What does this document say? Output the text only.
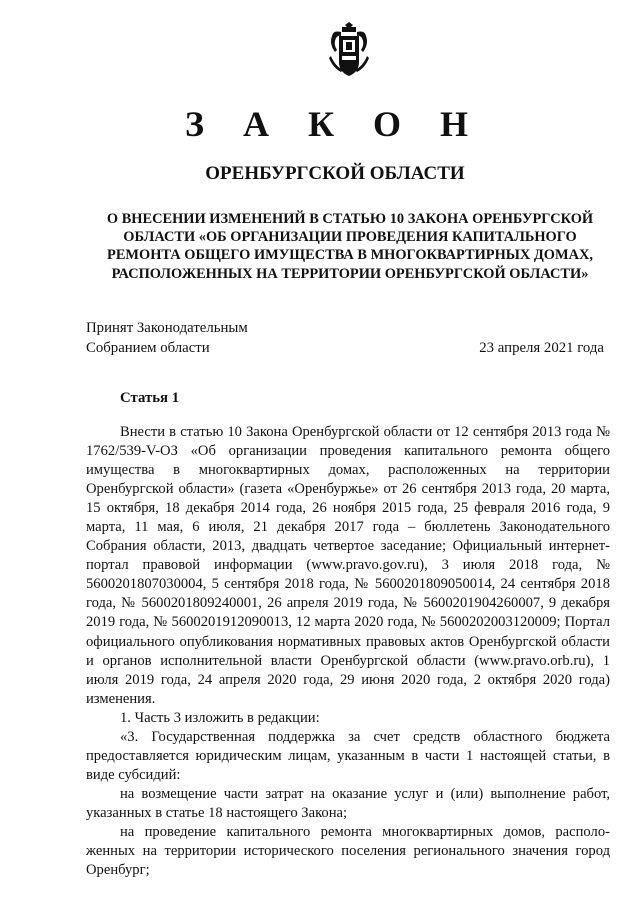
З А К О Н
ОРЕНБУРГСКОЙ ОБЛАСТИ
О ВНЕСЕНИИ ИЗМЕНЕНИЙ В СТАТЬЮ 10 ЗАКОНА ОРЕНБУРГСКОЙ ОБЛАСТИ «ОБ ОРГАНИЗАЦИИ ПРОВЕДЕНИЯ КАПИТАЛЬНОГО РЕМОНТА ОБЩЕГО ИМУЩЕСТВА В МНОГОКВАРТИРНЫХ ДОМАХ, РАСПОЛОЖЕННЫХ НА ТЕРРИТОРИИ ОРЕНБУРГСКОЙ ОБЛАСТИ»
Принят Законодательным
Собранием области	23 апреля 2021 года
Статья 1

Внести в статью 10 Закона Оренбургской области от 12 сентября 2013 года № 1762/539-V-ОЗ «Об организации проведения капитального ремонта общего имущества в многоквартирных домах, расположенных на территории Оренбургской области» (газета «Оренбуржье» от 26 сентября 2013 года, 20 марта, 15 октября, 18 декабря 2014 года, 26 ноября 2015 года, 25 февраля 2016 года, 9 марта, 11 мая, 6 июля, 21 декабря 2017 года – бюллетень Законодательного Собрания области, 2013, двадцать четвертое заседание; Официальный интернет-портал правовой информации (www.pravo.gov.ru), 3 июля 2018 года, № 5600201807030004, 5 сентября 2018 года, № 5600201809050014, 24 сентября 2018 года, № 5600201809240001, 26 апреля 2019 года, № 5600201904260007, 9 декабря 2019 года, № 5600201912090013, 12 марта 2020 года, № 5600202003120009; Портал официального опубликования нормативных правовых актов Оренбургской области и органов исполнительной власти Оренбургской области (www.pravo.orb.ru), 1 июля 2019 года, 24 апреля 2020 года, 29 июня 2020 года, 2 октября 2020 года) изменения.

1. Часть 3 изложить в редакции:

«3. Государственная поддержка за счет средств областного бюджета предоставляется юридическим лицам, указанным в части 1 настоящей статьи, в виде субсидий:

на возмещение части затрат на оказание услуг и (или) выполнение работ, указанных в статье 18 настоящего Закона;

на проведение капитального ремонта многоквартирных домов, расположенных на территории исторического поселения регионального значения город Оренбург;
